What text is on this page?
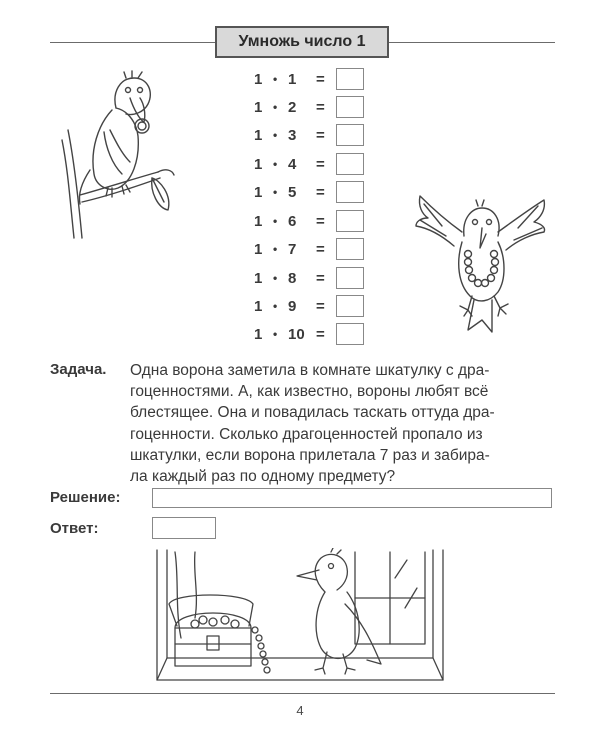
Умножь число 1
1 • 1 =
1 • 2 =
1 • 3 =
1 • 4 =
1 • 5 =
1 • 6 =
1 • 7 =
1 • 8 =
1 • 9 =
1 • 10 =
Задача. Одна ворона заметила в комнате шкатулку с дра-
гоценностями. А, как известно, вороны любят всё
блестящее. Она и повадилась таскать оттуда дра-
гоценности. Сколько драгоценностей пропало из
шкатулки, если ворона прилетала 7 раз и забира-
ла каждый раз по одному предмету?
Решение:
Ответ:
4
